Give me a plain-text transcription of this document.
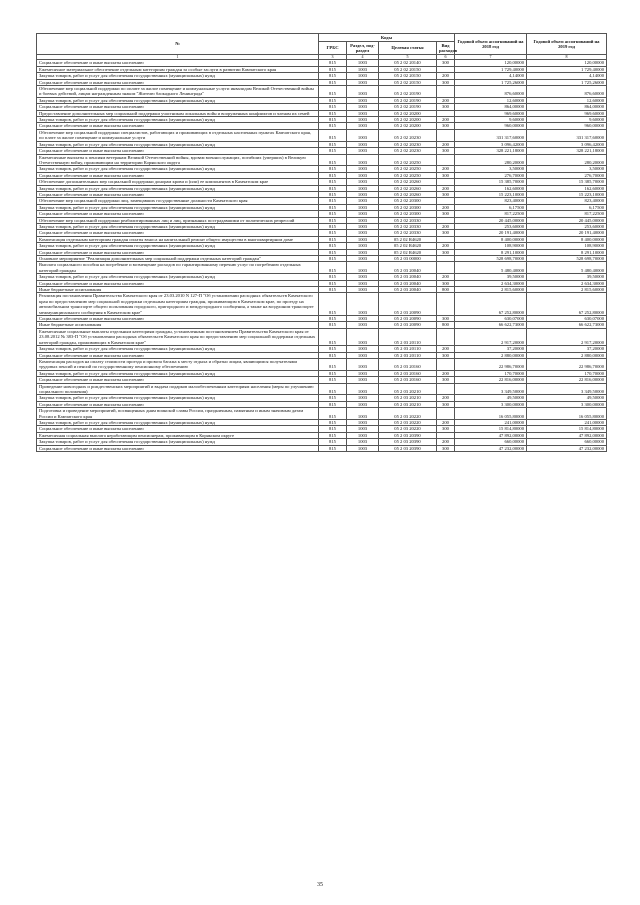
№	Коды				Годовой объем ассигнований на 2018 год	Годовой объем ассигнований на 2019 год
	ГРБС	Раздел, под-раздел	Целевая статья	Вид расходов		
1	3	4	5	6	7	8
Социальное обеспечение и иные выплаты населению	815	1003	05 2 02 20140	300	120,00000	120,00000
Ежемесячное материальное обеспечение отдельным категориям граждан за особые заслуги в развитии Камчатского края	815	1003	05 2 02 20150		1 729,40000	1 729,40000
Закупка товаров, работ и услуг для обеспечения государственных (муниципальных) нужд	815	1003	05 2 02 20150	200	4,14000	4,14000
Социальное обеспечение и иные выплаты населению	815	1003	05 2 02 20150	300	1 725,26000	1 725,26000
Обеспечение мер социальной поддержки по оплате за жилое помещение и коммунальные услуги инвалидам Великой Отечественной войны и боевых действий, лицам награжденным знаком "Жителю блокадного Ленинграда"	815	1003	05 2 02 20190		876,60000	876,60000
Закупка товаров, работ и услуг для обеспечения государственных (муниципальных) нужд	815	1003	05 2 02 20190	200	12,60000	12,60000
Социальное обеспечение и иные выплаты населению	815	1003	05 2 02 20190	300	864,00000	864,00000
Предоставление дополнительных мер социальной поддержки участникам локальных войн и вооруженных конфликтов и членам их семей	815	1003	05 2 02 20200		969,60000	969,60000
Закупка товаров, работ и услуг для обеспечения государственных (муниципальных) нужд	815	1003	05 2 02 20200	200	9,60000	9,60000
Социальное обеспечение и иные выплаты населению	815	1003	05 2 02 20200	300	960,00000	960,00000
Обеспечение мер социальной поддержки специалистов, работающих и проживающих в отдельных населенных пунктах Камчатского края, по плате за жилое помещение и коммунальные услуги	815	1003	05 2 02 20230		331 317,60000	331 317,60000
Закупка товаров, работ и услуг для обеспечения государственных (муниципальных) нужд	815	1003	05 2 02 20230	200	3 096,42000	3 096,42000
Социальное обеспечение и иные выплаты населению	815	1003	05 2 02 20230	300	328 221,18000	328 221,18000
Ежемесячные выплаты к пенсиям ветеранам Великой Отечественной войны, вдовам военнослужащих, погибших (умерших) в Великую Отечественную войну, проживающим на территории Корякского округа	815	1003	05 2 02 20250		280,20000	280,20000
Закупка товаров, работ и услуг для обеспечения государственных (муниципальных) нужд	815	1003	05 2 02 20250	200	3,50000	3,50000
Социальное обеспечение и иные выплаты населению	815	1003	05 2 02 20250	300	276,70000	276,70000
Обеспечение дополнительных мер социальной поддержки донорам крови и (или) ее компонентов в Камчатском крае	815	1003	05 2 02 20260		15 385,70000	15 385,70000
Закупка товаров, работ и услуг для обеспечения государственных (муниципальных) нужд	815	1003	05 2 02 20260	200	162,60000	162,60000
Социальное обеспечение и иные выплаты населению	815	1003	05 2 02 20260	300	15 223,10000	15 223,10000
Обеспечение мер социальной поддержки лиц, замещавших государственные должности Камчатского края	815	1003	05 2 02 20300		823,40000	823,40000
Закупка товаров, работ и услуг для обеспечения государственных (муниципальных) нужд	815	1003	05 2 02 20300	200	6,17500	6,17500
Социальное обеспечение и иные выплаты населению	815	1003	05 2 02 20300	300	817,22500	817,22500
Обеспечение мер социальной поддержки реабилитированных лиц и лиц, признанных пострадавшими от политических репрессий	815	1003	05 2 02 20330		20 445,00000	20 445,00000
Закупка товаров, работ и услуг для обеспечения государственных (муниципальных) нужд	815	1003	05 2 02 20330	200	253,60000	253,60000
Социальное обеспечение и иные выплаты населению	815	1003	05 2 02 20330	300	20 191,40000	20 191,40000
Компенсация отдельным категориям граждан оплаты взноса на капитальный ремонт общего имущества в многоквартирном доме	815	1003	05 2 02 R4620		8 400,00000	8 400,00000
Закупка товаров, работ и услуг для обеспечения государственных (муниципальных) нужд	815	1003	05 2 02 R4620	200	108,90000	108,90000
Социальное обеспечение и иные выплаты населению	815	1003	05 2 02 R4620	300	8 291,10000	8 291,10000
Основное мероприятие "Реализация дополнительных мер социальной поддержки отдельных категорий граждан"	815	1003	05 2 03 00000		528 698,70000	528 698,70000
Выплата социального пособия на погребение и возмещение расходов по гарантированному перечню услуг по погребению отдельных категорий граждан	815	1003	05 2 03 20040		5 480,40000	5 480,40000
Закупка товаров, работ и услуг для обеспечения государственных (муниципальных) нужд	815	1003	05 2 03 20040	200	39,50000	39,50000
Социальное обеспечение и иные выплаты населению	815	1003	05 2 03 20040	300	2 634,30000	2 634,30000
Иные бюджетные ассигнования	815	1003	05 2 03 20040	800	2 815,60000	2 815,60000
Реализация постановления Правительства Камчатского края от 23.03.2010 N 127-П "Об установлении расходных обязательств Камчатского края по предоставлению мер социальной поддержки отдельным категориям граждан, проживающим в Камчатском крае, по проезду на автомобильном транспорте общего пользования городского, пригородного и междугородного сообщения, а также на воздушном транспорте межмуниципального сообщения в Камчатском крае"	815	1003	05 2 03 20090		67 252,80000	67 252,80000
Социальное обеспечение и иные выплаты населению	815	1003	05 2 03 20090	300	630,07000	630,07000
Иные бюджетные ассигнования	815	1003	05 2 03 20090	800	66 622,73000	66 622,73000
Ежемесячные социальные выплаты отдельным категориям граждан, установленным постановлением Правительства Камчатского края от 23.08.2012 № 383-П "Об установлении расходных обязательств Камчатского края по предоставлению мер социальной поддержки отдельных категорий граждан, проживающих в Камчатском крае"	815	1003	05 2 03 20110		2 917,20000	2 917,20000
Закупка товаров, работ и услуг для обеспечения государственных (муниципальных) нужд	815	1003	05 2 03 20110	200	37,20000	37,20000
Социальное обеспечение и иные выплаты населению	815	1003	05 2 03 20110	300	2 880,00000	2 880,00000
Компенсация расходов на оплату стоимости проезда и провоза багажа к месту отдыха и обратно лицам, являющимся получателями трудовых пенсий и пенсий по государственному пенсионному обеспечению	815	1003	05 2 03 20160		22 986,70000	22 986,70000
Закупка товаров, работ и услуг для обеспечения государственных (муниципальных) нужд	815	1003	05 2 03 20160	200	170,70000	170,70000
Социальное обеспечение и иные выплаты населению	815	1003	05 2 03 20160	300	22 816,00000	22 816,00000
Проведение новогодних и рождественских мероприятий и выдача подарков малообеспеченным категориям населения (меры по улучшению социального положения)	815	1003	05 2 03 20210		3 349,50000	3 349,50000
Закупка товаров, работ и услуг для обеспечения государственных (муниципальных) нужд	815	1003	05 2 03 20210	200	49,50000	49,50000
Социальное обеспечение и иные выплаты населению	815	1003	05 2 03 20210	300	3 300,00000	3 300,00000
Подготовка и проведение мероприятий, посвященных дням воинской славы России, праздничным, памятным и иным значимым датам России и Камчатского края	815	1003	05 2 03 20220		16 055,80000	16 055,80000
Закупка товаров, работ и услуг для обеспечения государственных (муниципальных) нужд	815	1003	05 2 03 20220	200	241,00000	241,00000
Социальное обеспечение и иные выплаты населению	815	1003	05 2 03 20220	300	15 814,80000	15 814,80000
Ежемесячная социальная выплата неработающим пенсионерам, проживающим в Корякском округе	815	1003	05 2 03 20390		47 892,00000	47 892,00000
Закупка товаров, работ и услуг для обеспечения государственных (муниципальных) нужд	815	1003	05 2 03 20390	200	660,00000	660,00000
Социальное обеспечение и иные выплаты населению	815	1003	05 2 03 20390	300	47 232,00000	47 232,00000
35
